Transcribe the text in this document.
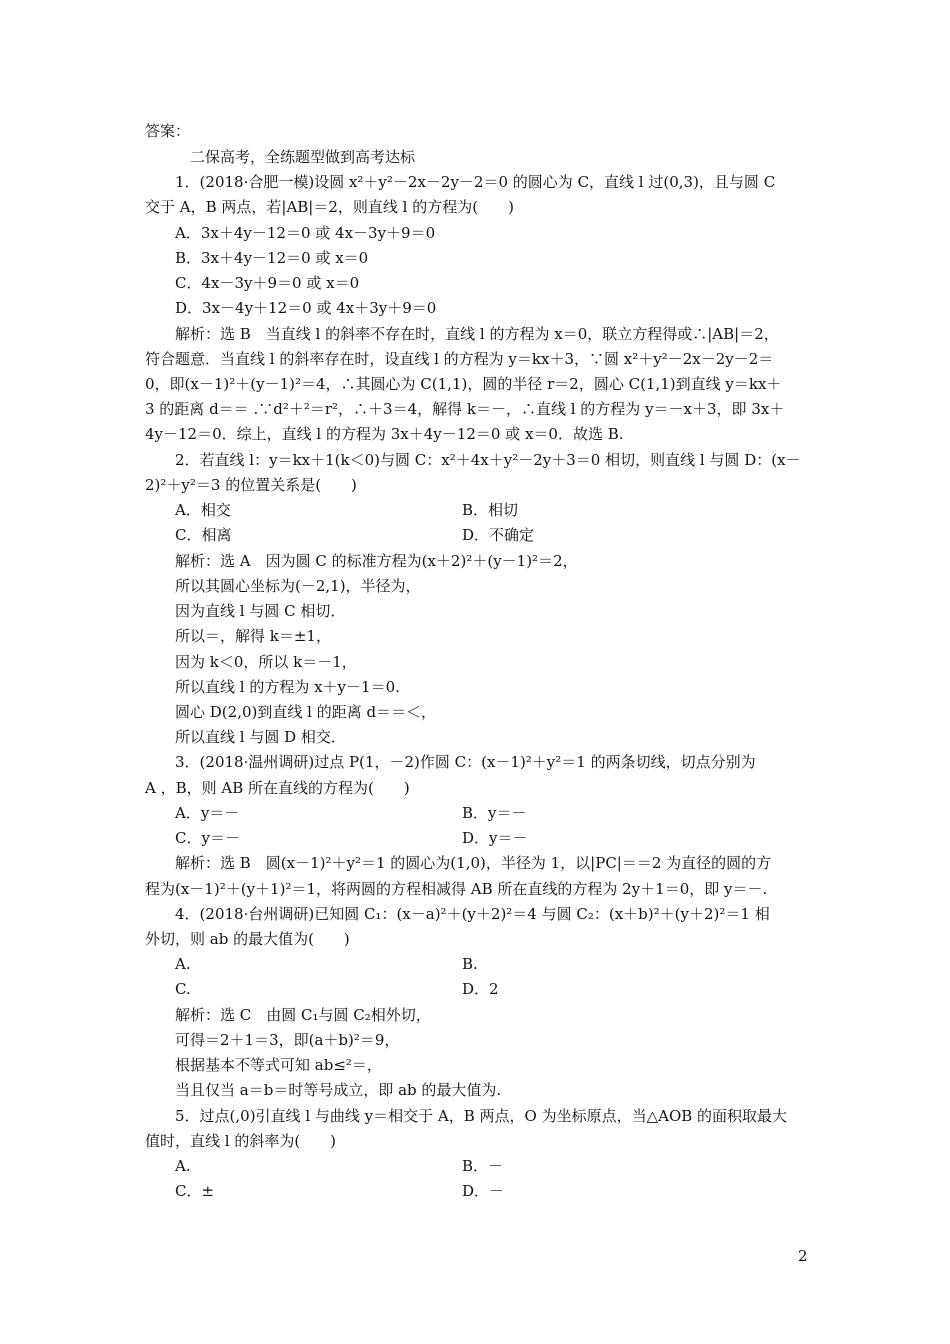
答案：
二保高考，全练题型做到高考达标
1．(2018·合肥一模)设圆 x²＋y²－2x－2y－2＝0 的圆心为 C，直线 l 过(0,3)，且与圆 C
交于 A，B 两点，若|AB|＝2，则直线 l 的方程为(　　)
A．3x＋4y－12＝0 或 4x－3y＋9＝0
B．3x＋4y－12＝0 或 x＝0
C．4x－3y＋9＝0 或 x＝0
D．3x－4y＋12＝0 或 4x＋3y＋9＝0
解析：选 B　当直线 l 的斜率不存在时，直线 l 的方程为 x＝0，联立方程得或∴|AB|＝2，
符合题意．当直线 l 的斜率存在时，设直线 l 的方程为 y＝kx＋3，∵圆 x²＋y²－2x－2y－2＝
0，即(x－1)²＋(y－1)²＝4，∴其圆心为 C(1,1)，圆的半径 r＝2，圆心 C(1,1)到直线 y＝kx＋
3 的距离 d＝＝ .∵d²＋²＝r²，∴＋3＝4，解得 k＝－，∴直线 l 的方程为 y＝－x＋3，即 3x＋
4y－12＝0．综上，直线 l 的方程为 3x＋4y－12＝0 或 x＝0．故选 B.
2．若直线 l：y＝kx＋1(k＜0)与圆 C：x²＋4x＋y²－2y＋3＝0 相切，则直线 l 与圆 D：(x－
2)²＋y²＝3 的位置关系是(　　)
A．相交	B．相切
C．相离	D．不确定
解析：选 A　因为圆 C 的标准方程为(x＋2)²＋(y－1)²＝2，
所以其圆心坐标为(－2,1)，半径为，
因为直线 l 与圆 C 相切．
所以＝，解得 k＝±1，
因为 k＜0，所以 k＝－1，
所以直线 l 的方程为 x＋y－1＝0.
圆心 D(2,0)到直线 l 的距离 d＝＝＜，
所以直线 l 与圆 D 相交．
3．(2018·温州调研)过点 P(1，－2)作圆 C：(x－1)²＋y²＝1 的两条切线，切点分别为
A ，B，则 AB 所在直线的方程为(　　)
A．y＝－	B．y＝－
C．y＝－	D．y＝－
解析：选 B　圆(x－1)²＋y²＝1 的圆心为(1,0)，半径为 1，以|PC|＝＝2 为直径的圆的方
程为(x－1)²＋(y＋1)²＝1，将两圆的方程相减得 AB 所在直线的方程为 2y＋1＝0，即 y＝－.
4．(2018·台州调研)已知圆 C₁：(x－a)²＋(y＋2)²＝4 与圆 C₂：(x＋b)²＋(y＋2)²＝1 相
外切，则 ab 的最大值为(　　)
A.	B.
C.	D．2
解析：选 C　由圆 C₁与圆 C₂相外切，
可得＝2＋1＝3，即(a＋b)²＝9，
根据基本不等式可知 ab≤²＝，
当且仅当 a＝b＝时等号成立，即 ab 的最大值为.
5．过点(,0)引直线 l 与曲线 y＝相交于 A，B 两点，O 为坐标原点，当△AOB 的面积取最大
值时，直线 l 的斜率为(　　)
A.	B．－
C．±	D．－
2
